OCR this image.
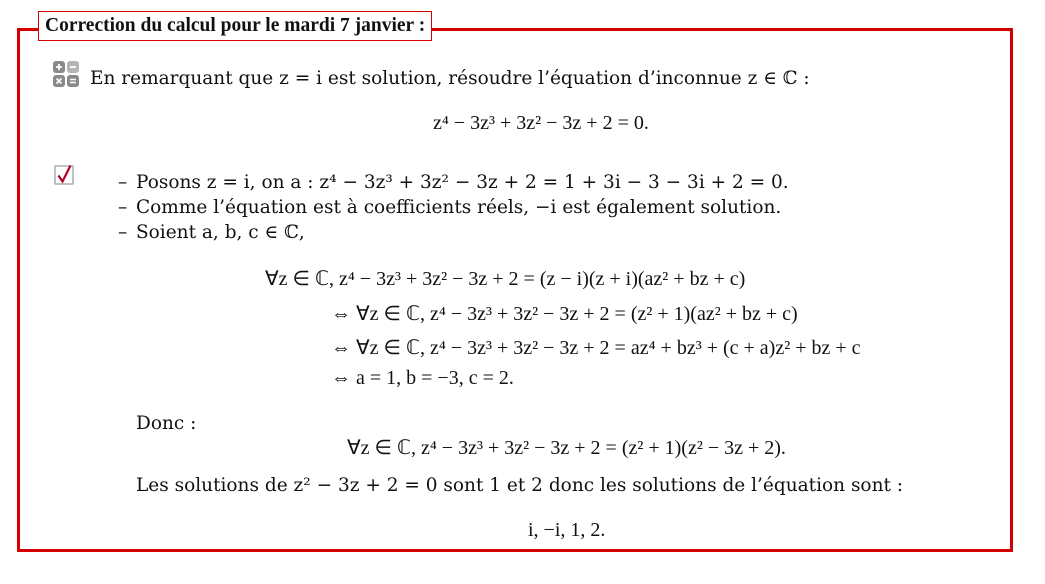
Correction du calcul pour le mardi 7 janvier :
En remarquant que z = i est solution, résoudre l’équation d’inconnue z ∈ ℂ :
z⁴ − 3z³ + 3z² − 3z + 2 = 0.
– Posons z = i, on a : z⁴ − 3z³ + 3z² − 3z + 2 = 1 + 3i − 3 − 3i + 2 = 0.
– Comme l’équation est à coefficients réels, −i est également solution.
– Soient a, b, c ∈ ℂ,
∀z ∈ ℂ, z⁴ − 3z³ + 3z² − 3z + 2 = (z − i)(z + i)(az² + bz + c)
⇔ ∀z ∈ ℂ, z⁴ − 3z³ + 3z² − 3z + 2 = (z² + 1)(az² + bz + c)
⇔ ∀z ∈ ℂ, z⁴ − 3z³ + 3z² − 3z + 2 = az⁴ + bz³ + (c + a)z² + bz + c
⇔ a = 1, b = −3, c = 2.
Donc :
∀z ∈ ℂ, z⁴ − 3z³ + 3z² − 3z + 2 = (z² + 1)(z² − 3z + 2).
Les solutions de z² − 3z + 2 = 0 sont 1 et 2 donc les solutions de l’équation sont :
i, −i, 1, 2.
